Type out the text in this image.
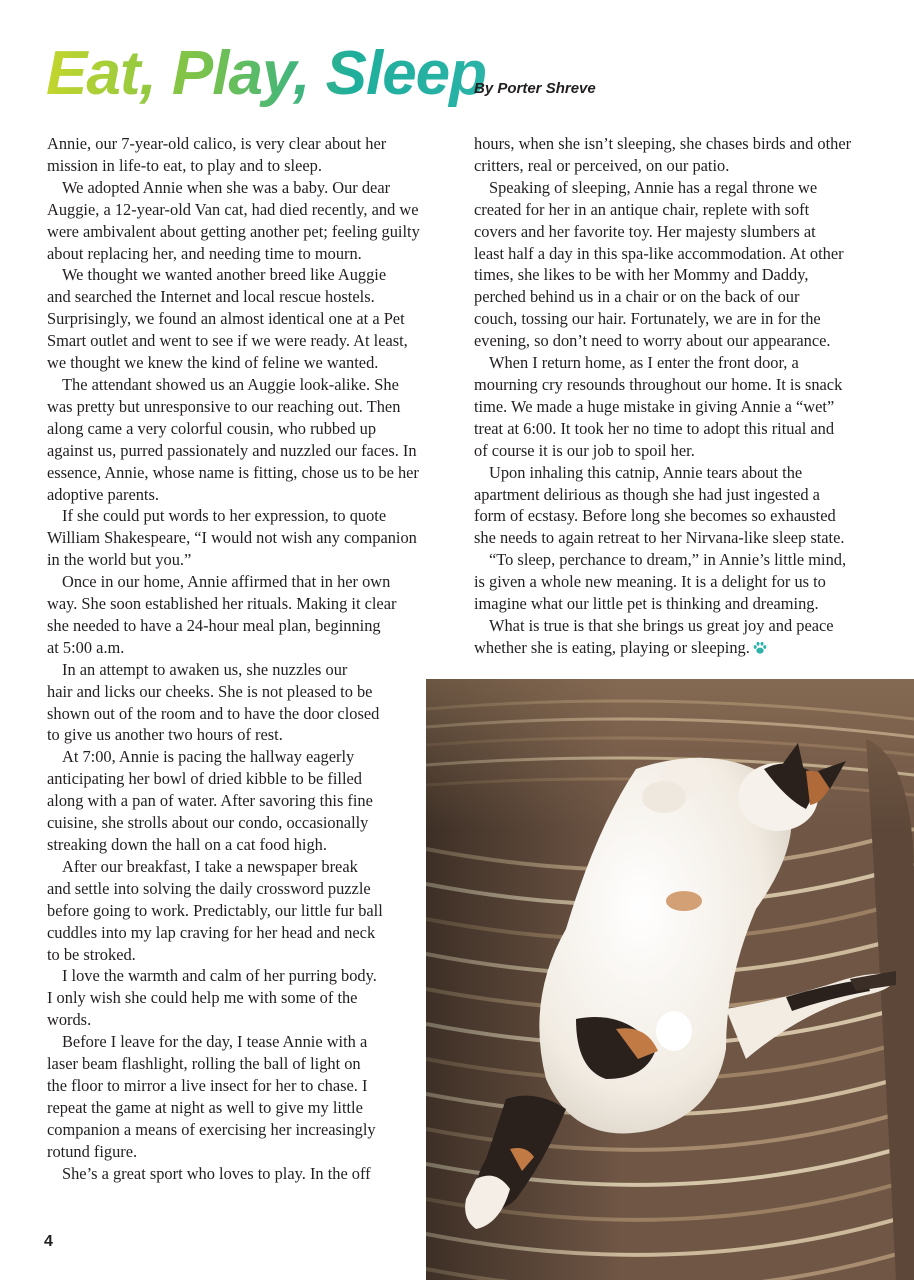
Eat, Play, Sleep
By Porter Shreve

Annie, our 7-year-old calico, is very clear about her

mission in life-to eat, to play and to sleep.

We adopted Annie when she was a baby. Our dear

Auggie, a 12-year-old Van cat, had died recently, and we

were ambivalent about getting another pet; feeling guilty

about replacing her, and needing time to mourn.

We thought we wanted another breed like Auggie

and searched the Internet and local rescue hostels.

Surprisingly, we found an almost identical one at a Pet

Smart outlet and went to see if we were ready. At least,

we thought we knew the kind of feline we wanted.

The attendant showed us an Auggie look-alike. She

was pretty but unresponsive to our reaching out. Then

along came a very colorful cousin, who rubbed up

against us, purred passionately and nuzzled our faces. In

essence, Annie, whose name is fitting, chose us to be her

adoptive parents.

If she could put words to her expression, to quote

William Shakespeare, “I would not wish any companion

in the world but you.”

Once in our home, Annie affirmed that in her own

way. She soon established her rituals. Making it clear

she needed to have a 24-hour meal plan, beginning

at 5:00 a.m.

In an attempt to awaken us, she nuzzles our

hair and licks our cheeks. She is not pleased to be

shown out of the room and to have the door closed

to give us another two hours of rest.

At 7:00, Annie is pacing the hallway eagerly

anticipating her bowl of dried kibble to be filled

along with a pan of water. After savoring this fine

cuisine, she strolls about our condo, occasionally

streaking down the hall on a cat food high.

After our breakfast, I take a newspaper break

and settle into solving the daily crossword puzzle

before going to work. Predictably, our little fur ball

cuddles into my lap craving for her head and neck

to be stroked.

I love the warmth and calm of her purring body.

I only wish she could help me with some of the

words.

Before I leave for the day, I tease Annie with a

laser beam flashlight, rolling the ball of light on

the floor to mirror a live insect for her to chase. I

repeat the game at night as well to give my little

companion a means of exercising her increasingly

rotund figure.

She’s a great sport who loves to play. In the off

hours, when she isn’t sleeping, she chases birds and other

critters, real or perceived, on our patio.

Speaking of sleeping, Annie has a regal throne we

created for her in an antique chair, replete with soft

covers and her favorite toy. Her majesty slumbers at

least half a day in this spa-like accommodation. At other

times, she likes to be with her Mommy and Daddy,

perched behind us in a chair or on the back of our

couch, tossing our hair. Fortunately, we are in for the

evening, so don’t need to worry about our appearance.

When I return home, as I enter the front door, a

mourning cry resounds throughout our home. It is snack

time. We made a huge mistake in giving Annie a “wet”

treat at 6:00. It took her no time to adopt this ritual and

of course it is our job to spoil her.

Upon inhaling this catnip, Annie tears about the

apartment delirious as though she had just ingested a

form of ecstasy. Before long she becomes so exhausted

she needs to again retreat to her Nirvana-like sleep state.

“To sleep, perchance to dream,” in Annie’s little mind,

is given a whole new meaning. It is a delight for us to

imagine what our little pet is thinking and dreaming.

What is true is that she brings us great joy and peace

whether she is eating, playing or sleeping.

4
